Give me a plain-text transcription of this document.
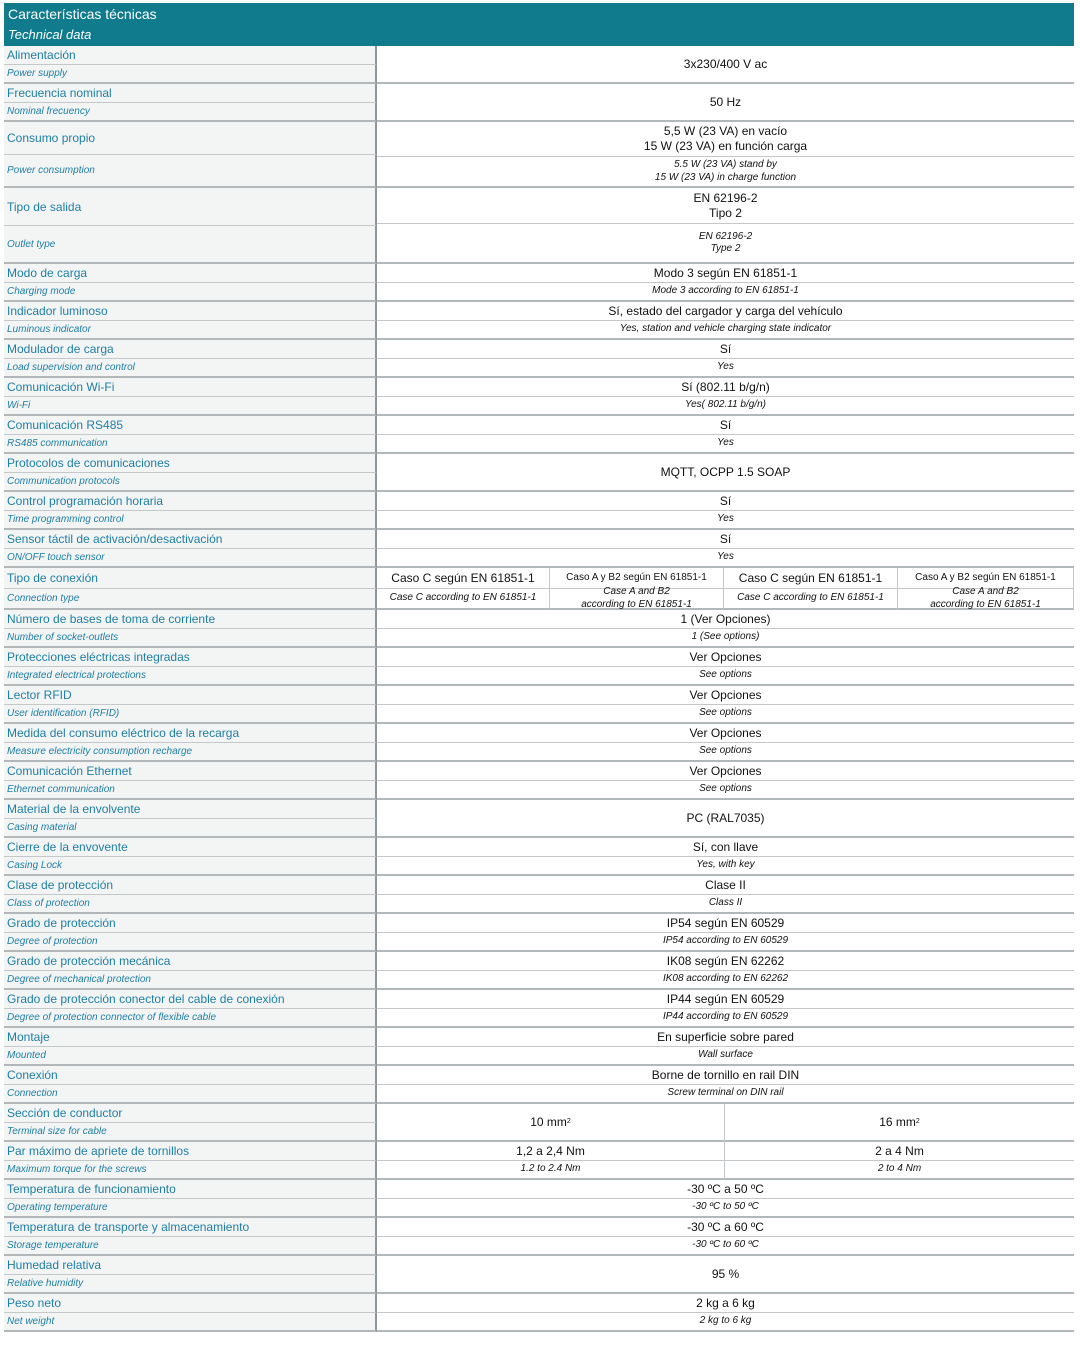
Características técnicas
Technical data
Alimentación
Power supply
Frecuencia nominal
Nominal frecuency
Consumo propio
Power consumption
Tipo de salida
Outlet type
Modo de carga
Charging mode
Indicador luminoso
Luminous indicator
Modulador de carga
Load supervision and control
Comunicación Wi-Fi
Wi-Fi
Comunicación RS485
RS485 communication
Protocolos de comunicaciones
Communication protocols
Control programación horaria
Time programming control
Sensor táctil de activación/desactivación
ON/OFF touch sensor
Tipo de conexión
Connection type
Número de bases de toma de corriente
Number of socket-outlets
Protecciones eléctricas integradas
Integrated electrical protections
Lector RFID
User identification (RFID)
Medida del consumo eléctrico de la recarga
Measure electricity consumption recharge
Comunicación Ethernet
Ethernet communication
Material de la envolvente
Casing material
Cierre de la envovente
Casing Lock
Clase de protección
Class of protection
Grado de protección
Degree of protection
Grado de protección mecánica
Degree of mechanical protection
Grado de protección conector del cable de conexión
Degree of protection connector of flexible cable
Montaje
Mounted
Conexión
Connection
Sección de conductor
Terminal size for cable
Par máximo de apriete de tornillos
Maximum torque for the screws
Temperatura de funcionamiento
Operating temperature
Temperatura de transporte y almacenamiento
Storage temperature
Humedad relativa
Relative humidity
Peso neto
Net weight
3x230/400 V ac
50 Hz
5,5 W (23 VA) en vacío
15 W (23 VA) en función carga
5.5 W (23 VA) stand by
15 W (23 VA) in charge function
EN 62196-2
Tipo 2
EN 62196-2
Type 2
Modo 3 según EN 61851-1
Mode 3 according to EN 61851-1
Sí, estado del cargador y carga del vehículo
Yes, station and vehicle charging state indicator
Sí
Yes
Sí (802.11 b/g/n)
Yes( 802.11 b/g/n)
Sí
Yes
MQTT, OCPP 1.5 SOAP
Sí
Yes
Sí
Yes
Caso C según EN 61851-1
Case C according to EN 61851-1
Caso A y B2 según EN 61851-1
Case A and B2
according to EN 61851-1
Caso C según EN 61851-1
Case C according to EN 61851-1
Caso A y B2 según EN 61851-1
Case A and B2
according to EN 61851-1
1 (Ver Opciones)
1 (See options)
Ver Opciones
See options
Ver Opciones
See options
Ver Opciones
See options
Ver Opciones
See options
PC (RAL7035)
Sí, con llave
Yes, with key
Clase II
Class II
IP54 según EN 60529
IP54 according to EN 60529
IK08 según EN 62262
IK08 according to EN 62262
IP44 según EN 60529
IP44 according to EN 60529
En superficie sobre pared
Wall surface
Borne de tornillo en rail DIN
Screw terminal on DIN rail
10 mm 2	16 mm 2
1,2 a 2,4 Nm
1.2 to 2.4 Nm
2 a 4 Nm
2 to 4 Nm
-30 ºC a 50 ºC
-30 ºC to 50 ºC
-30 ºC a 60 ºC
-30 ºC to 60 ºC
95 %
2 kg a 6 kg
2 kg to 6 kg
